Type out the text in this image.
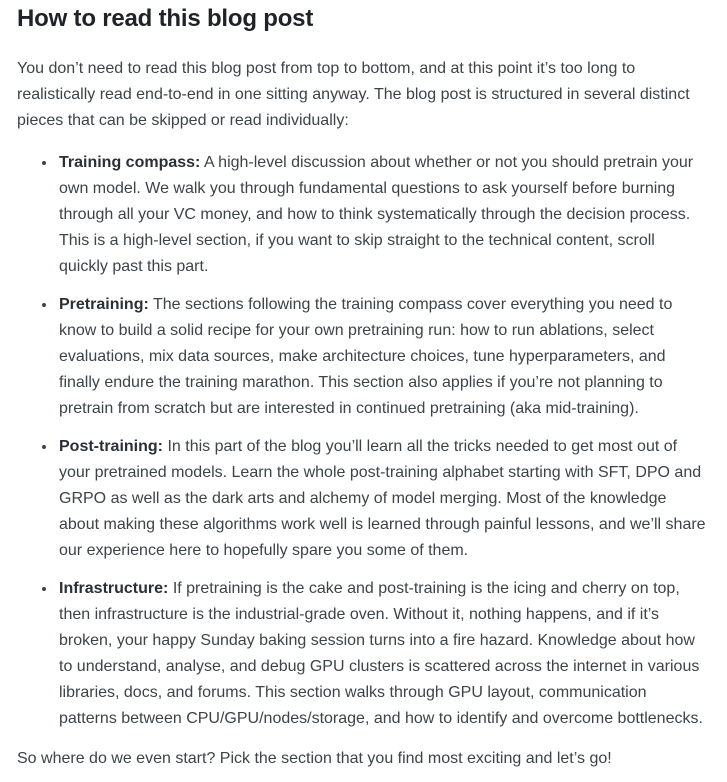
How to read this blog post

You don’t need to read this blog post from top to bottom, and at this point it’s too long to realistically read end-to-end in one sitting anyway. The blog post is structured in several distinct pieces that can be skipped or read individually:

• Training compass: A high-level discussion about whether or not you should pretrain your own model. We walk you through fundamental questions to ask yourself before burning through all your VC money, and how to think systematically through the decision process. This is a high-level section, if you want to skip straight to the technical content, scroll quickly past this part.
• Pretraining: The sections following the training compass cover everything you need to know to build a solid recipe for your own pretraining run: how to run ablations, select evaluations, mix data sources, make architecture choices, tune hyperparameters, and finally endure the training marathon. This section also applies if you’re not planning to pretrain from scratch but are interested in continued pretraining (aka mid-training).
• Post-training: In this part of the blog you’ll learn all the tricks needed to get most out of your pretrained models. Learn the whole post-training alphabet starting with SFT, DPO and GRPO as well as the dark arts and alchemy of model merging. Most of the knowledge about making these algorithms work well is learned through painful lessons, and we’ll share our experience here to hopefully spare you some of them.
• Infrastructure: If pretraining is the cake and post-training is the icing and cherry on top, then infrastructure is the industrial-grade oven. Without it, nothing happens, and if it’s broken, your happy Sunday baking session turns into a fire hazard. Knowledge about how to understand, analyse, and debug GPU clusters is scattered across the internet in various libraries, docs, and forums. This section walks through GPU layout, communication patterns between CPU/GPU/nodes/storage, and how to identify and overcome bottlenecks.

So where do we even start? Pick the section that you find most exciting and let’s go!
